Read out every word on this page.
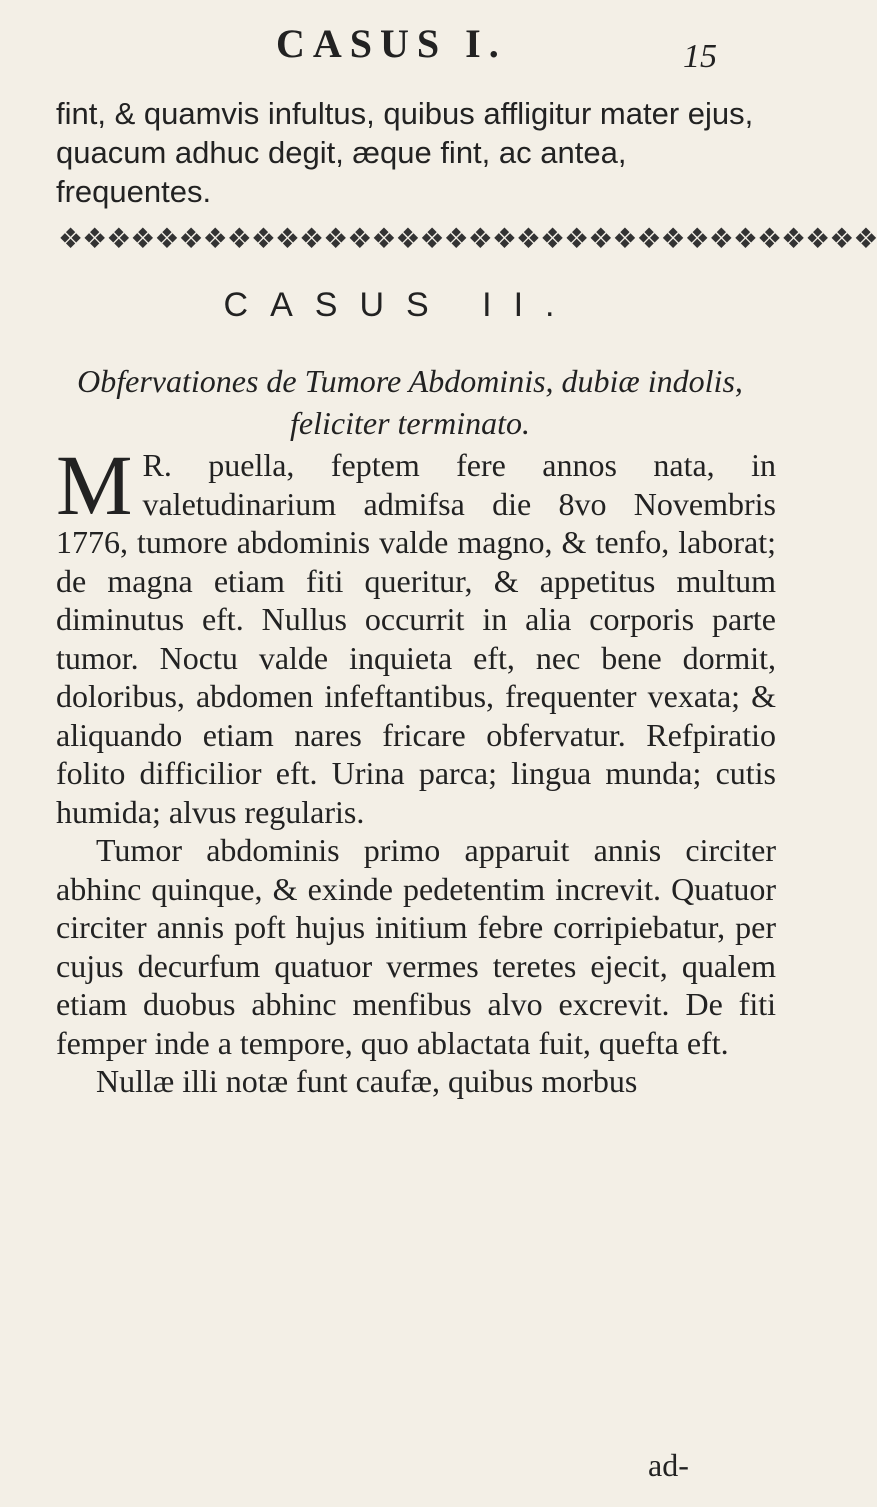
CASUS I.	15
fint, & quamvis infultus, quibus affligitur mater ejus, quacum adhuc degit, æque fint, ac antea, frequentes.
❖❖❖❖❖❖❖❖❖❖❖❖❖❖❖❖❖❖❖❖❖❖❖❖❖❖❖❖❖❖❖❖❖❖
CASUS II.
Obfervationes de Tumore Abdominis, dubiæ indolis, feliciter terminato.

M R. puella, feptem fere annos nata, in valetudinarium admifsa die 8vo Novembris 1776, tumore abdominis valde magno, & tenfo, laborat; de magna etiam fiti queritur, & appetitus multum diminutus eft. Nullus occurrit in alia corporis parte tumor. Noctu valde inquieta eft, nec bene dormit, doloribus, abdomen infeftantibus, frequenter vexata; & aliquando etiam nares fricare obfervatur. Refpiratio folito difficilior eft. Urina parca; lingua munda; cutis humida; alvus regularis.

Tumor abdominis primo apparuit annis circiter abhinc quinque, & exinde pedetentim increvit. Quatuor circiter annis poft hujus initium febre corripiebatur, per cujus decurfum quatuor vermes teretes ejecit, qualem etiam duobus abhinc menfibus alvo excrevit. De fiti femper inde a tempore, quo ablactata fuit, quefta eft.

Nullæ illi notæ funt caufæ, quibus morbus

ad-
